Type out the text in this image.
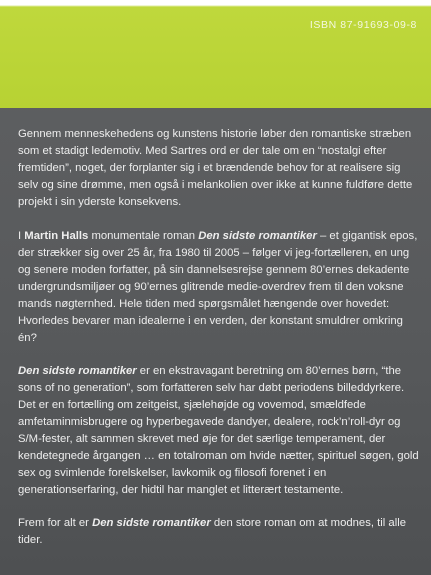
ISBN 87-91693-09-8

Gennem menneskehedens og kunstens historie løber den romantiske stræben som et stadigt ledemotiv. Med Sartres ord er der tale om en “nostalgi efter fremtiden”, noget, der forplanter sig i et brændende behov for at realisere sig selv og sine drømme, men også i melankolien over ikke at kunne fuldføre dette projekt i sin yderste konsekvens.

I Martin Halls monumentale roman Den sidste romantiker – et gigantisk epos, der strækker sig over 25 år, fra 1980 til 2005 – følger vi jeg-fortælleren, en ung og senere moden forfatter, på sin dannelsesrejse gennem 80’ernes dekadente undergrundsmiljøer og 90’ernes glitrende medie-overdrev frem til den voksne mands nøgternhed. Hele tiden med spørgsmålet hængende over hovedet: Hvorledes bevarer man idealerne i en verden, der konstant smuldrer omkring én?

Den sidste romantiker er en ekstravagant beretning om 80’ernes børn, “the sons of no generation”, som forfatteren selv har døbt periodens billeddyrkere. Det er en fortælling om zeitgeist, sjælehøjde og vovemod, smældfede amfetaminmisbrugere og hyperbegavede dandyer, dealere, rock’n’roll-dyr og S/M-fester, alt sammen skrevet med øje for det særlige temperament, der kendetegnede årgangen … en totalroman om hvide nætter, spirituel søgen, gold sex og svimlende forelskelser, lavkomik og filosofi forenet i en generationserfaring, der hidtil har manglet et litterært testamente.

Frem for alt er Den sidste romantiker den store roman om at modnes, til alle tider.
